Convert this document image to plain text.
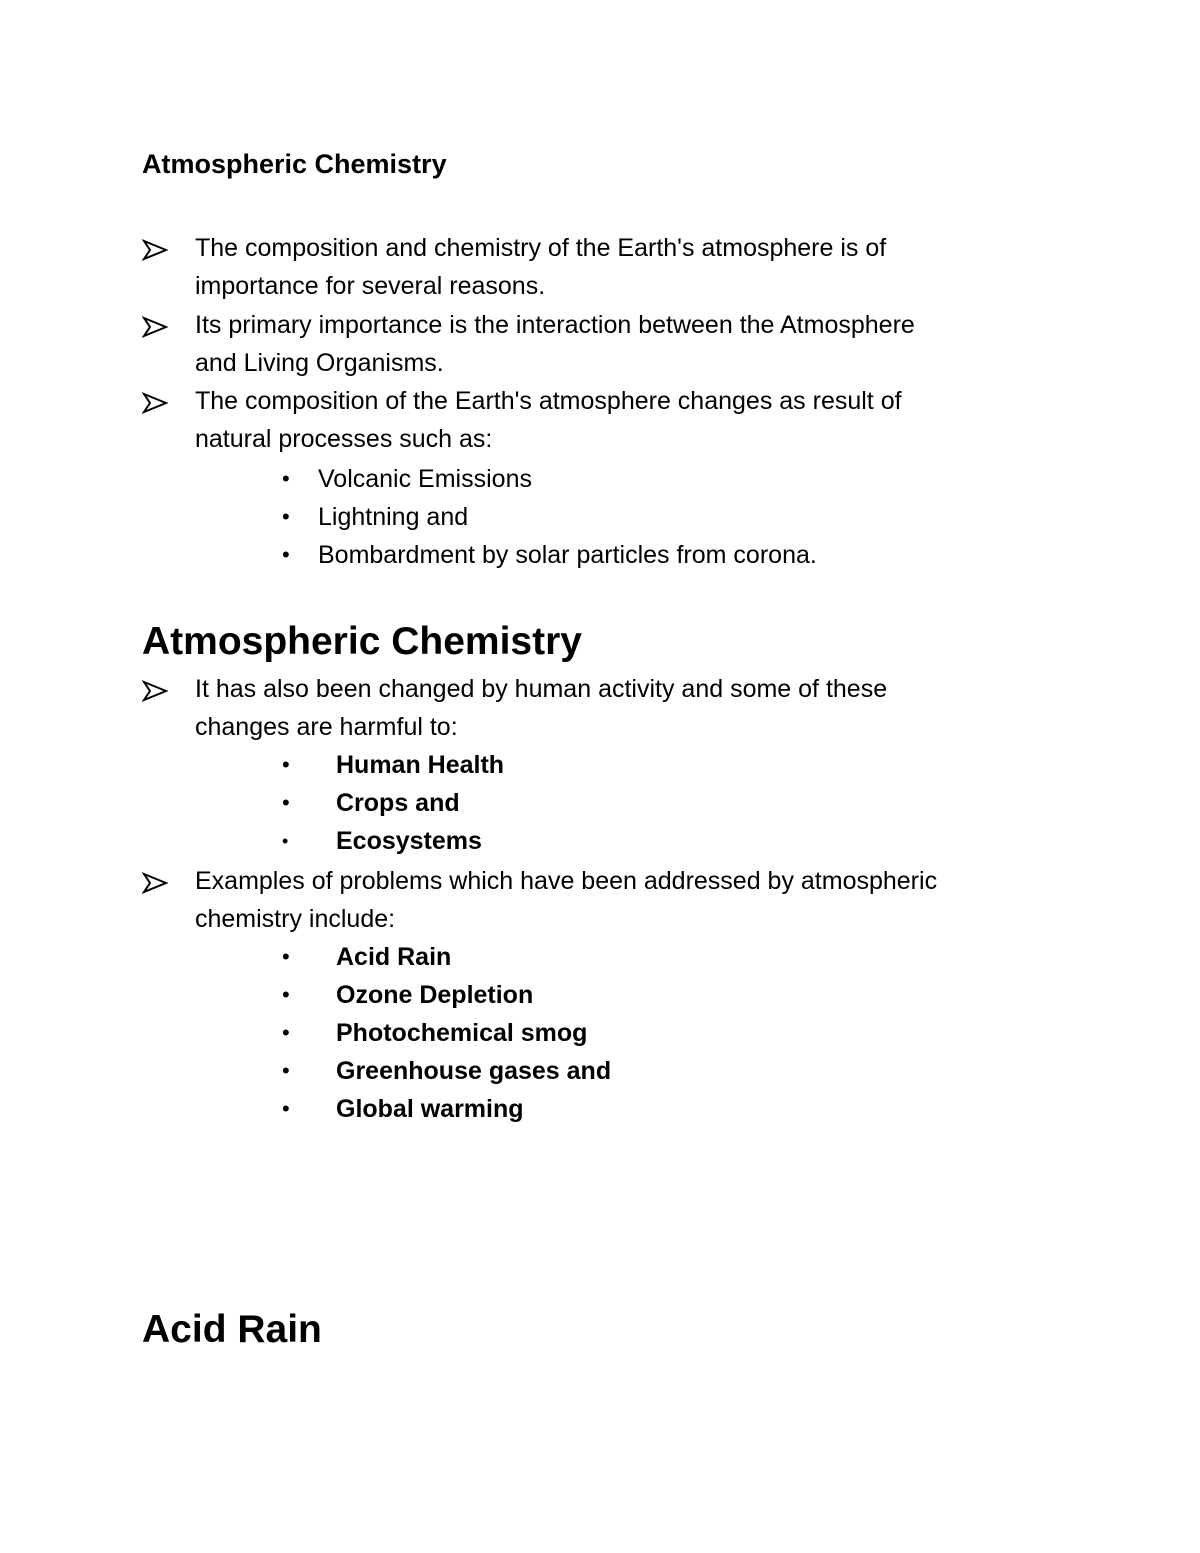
Atmospheric Chemistry
The composition and chemistry of the Earth's atmosphere is of
importance for several reasons.
Its primary importance is the interaction between the Atmosphere
and Living Organisms.
The composition of the Earth's atmosphere changes as result of
natural processes such as:
• Volcanic Emissions
• Lightning and
• Bombardment by solar particles from corona.
Atmospheric Chemistry
It has also been changed by human activity and some of these
changes are harmful to:
• Human Health
• Crops and
• Ecosystems
Examples of problems which have been addressed by atmospheric
chemistry include:
• Acid Rain
• Ozone Depletion
• Photochemical smog
• Greenhouse gases and
• Global warming
Acid Rain
